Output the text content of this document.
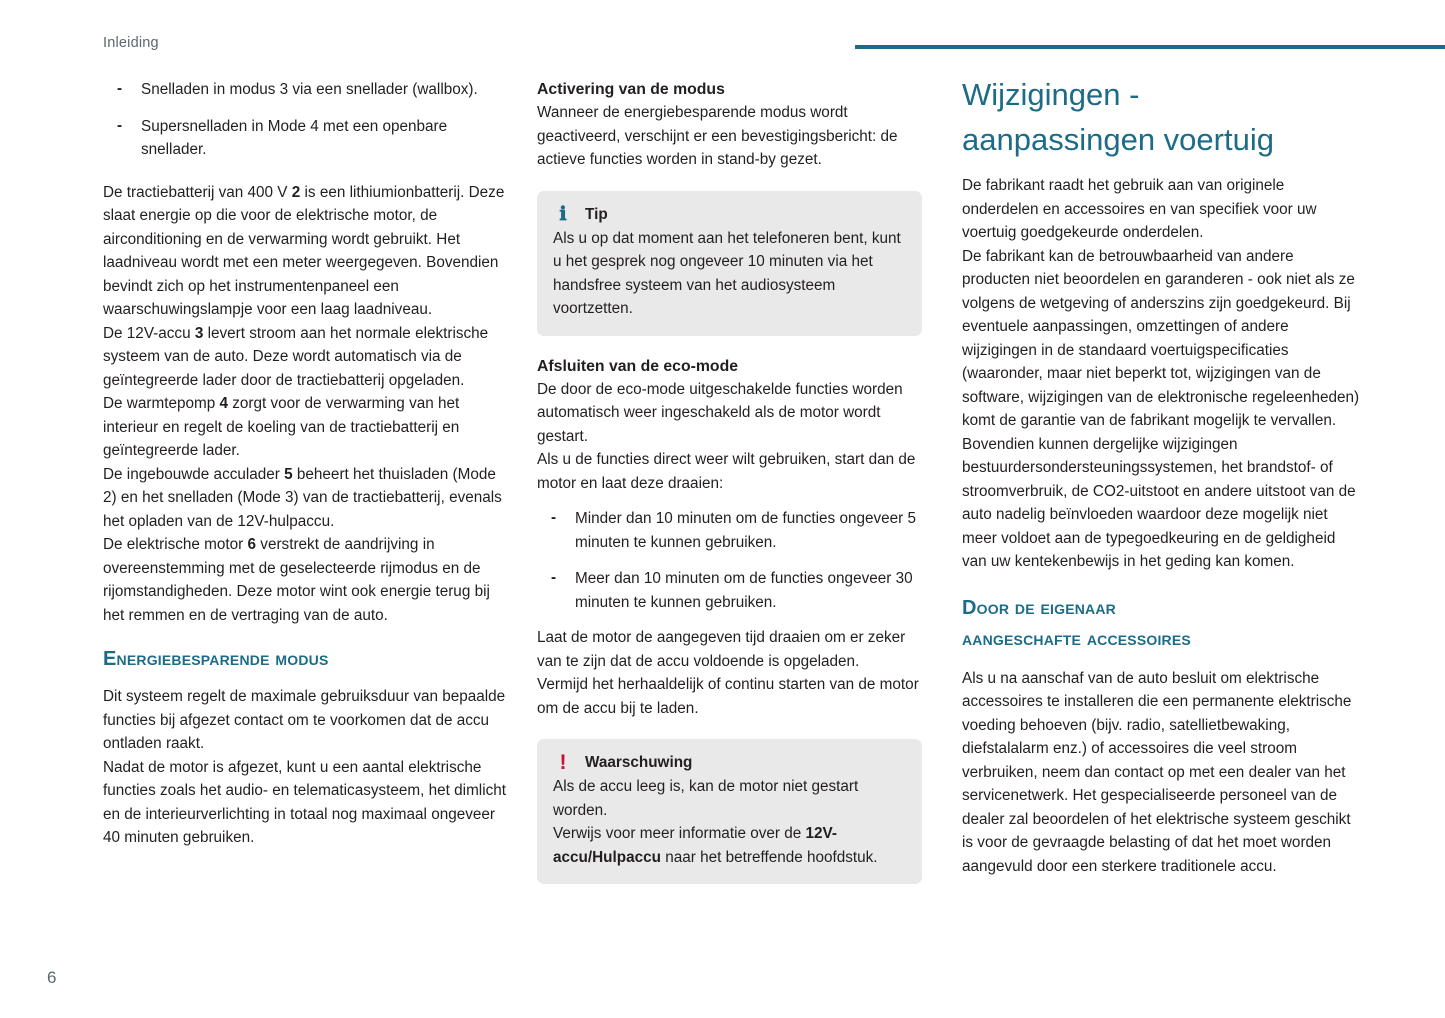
Inleiding
- Snelladen in modus 3 via een snellader (wallbox).
- Supersnelladen in Mode 4 met een openbare snellader.

De tractiebatterij van 400 V 2 is een lithiumionbatterij. Deze slaat energie op die voor de elektrische motor, de airconditioning en de verwarming wordt gebruikt. Het laadniveau wordt met een meter weergegeven. Bovendien bevindt zich op het instrumentenpaneel een waarschuwingslampje voor een laag laadniveau.

De 12V-accu 3 levert stroom aan het normale elektrische systeem van de auto. Deze wordt automatisch via de geïntegreerde lader door de tractiebatterij opgeladen.

De warmtepomp 4 zorgt voor de verwarming van het interieur en regelt de koeling van de tractiebatterij en geïntegreerde lader.

De ingebouwde acculader 5 beheert het thuisladen (Mode 2) en het snelladen (Mode 3) van de tractiebatterij, evenals het opladen van de 12V-hulpaccu.

De elektrische motor 6 verstrekt de aandrijving in overeenstemming met de geselecteerde rijmodus en de rijomstandigheden. Deze motor wint ook energie terug bij het remmen en de vertraging van de auto.

Energiebesparende modus

Dit systeem regelt de maximale gebruiksduur van bepaalde functies bij afgezet contact om te voorkomen dat de accu ontladen raakt.

Nadat de motor is afgezet, kunt u een aantal elektrische functies zoals het audio- en telematicasysteem, het dimlicht en de interieurverlichting in totaal nog maximaal ongeveer 40 minuten gebruiken.

Activering van de modus

Wanneer de energiebesparende modus wordt geactiveerd, verschijnt er een bevestigingsbericht: de actieve functies worden in stand-by gezet.

ℹ	Tip
Als u op dat moment aan het telefoneren bent, kunt u het gesprek nog ongeveer 10 minuten via het handsfree systeem van het audiosysteem voortzetten.
Afsluiten van de eco-mode

De door de eco-mode uitgeschakelde functies worden automatisch weer ingeschakeld als de motor wordt gestart.

Als u de functies direct weer wilt gebruiken, start dan de motor en laat deze draaien:

- Minder dan 10 minuten om de functies ongeveer 5 minuten te kunnen gebruiken.
- Meer dan 10 minuten om de functies ongeveer 30 minuten te kunnen gebruiken.

Laat de motor de aangegeven tijd draaien om er zeker van te zijn dat de accu voldoende is opgeladen.

Vermijd het herhaaldelijk of continu starten van de motor om de accu bij te laden.

!	Waarschuwing
Als de accu leeg is, kan de motor niet gestart worden.
Verwijs voor meer informatie over de 12V-accu/Hulpaccu naar het betreffende hoofdstuk.
Wijzigingen -
aanpassingen voertuig

De fabrikant raadt het gebruik aan van originele onderdelen en accessoires en van specifiek voor uw voertuig goedgekeurde onderdelen.

De fabrikant kan de betrouwbaarheid van andere producten niet beoordelen en garanderen - ook niet als ze volgens de wetgeving of anderszins zijn goedgekeurd. Bij eventuele aanpassingen, omzettingen of andere wijzigingen in de standaard voertuigspecificaties (waaronder, maar niet beperkt tot, wijzigingen van de software, wijzigingen van de elektronische regeleenheden) komt de garantie van de fabrikant mogelijk te vervallen.

Bovendien kunnen dergelijke wijzigingen bestuurdersondersteuningssystemen, het brandstof- of stroomverbruik, de CO2-uitstoot en andere uitstoot van de auto nadelig beïnvloeden waardoor deze mogelijk niet meer voldoet aan de typegoedkeuring en de geldigheid van uw kentekenbewijs in het geding kan komen.

Door de eigenaar
aangeschafte accessoires

Als u na aanschaf van de auto besluit om elektrische accessoires te installeren die een permanente elektrische voeding behoeven (bijv. radio, satellietbewaking, diefstalalarm enz.) of accessoires die veel stroom verbruiken, neem dan contact op met een dealer van het servicenetwerk. Het gespecialiseerde personeel van de dealer zal beoordelen of het elektrische systeem geschikt is voor de gevraagde belasting of dat het moet worden aangevuld door een sterkere traditionele accu.

6
